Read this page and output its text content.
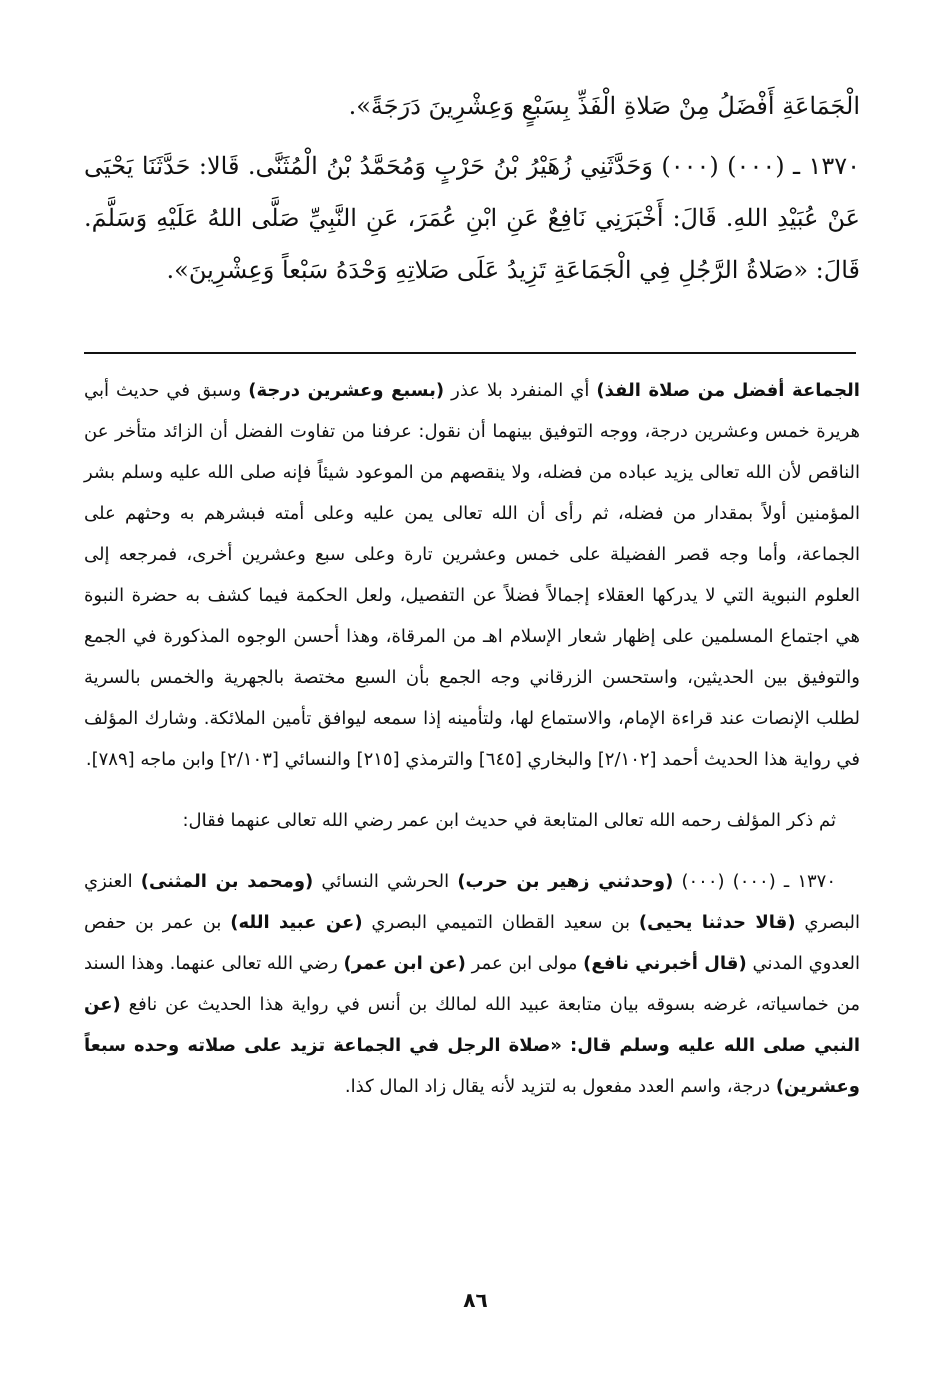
الْجَمَاعَةِ أَفْضَلُ مِنْ صَلاةِ الْفَذِّ بِسَبْعٍ وَعِشْرِينَ دَرَجَةً».

١٣٧٠ ـ (٠٠٠) (٠٠٠) وَحَدَّثَنِي زُهَيْرُ بْنُ حَرْبٍ وَمُحَمَّدُ بْنُ الْمُثَنَّى. قَالا: حَدَّثَنَا يَحْيَى عَنْ عُبَيْدِ اللهِ. قَالَ: أَخْبَرَنِي نَافِعٌ عَنِ ابْنِ عُمَرَ، عَنِ النَّبِيِّ صَلَّى اللهُ عَلَيْهِ وَسَلَّمَ. قَالَ: «صَلاةُ الرَّجُلِ فِي الْجَمَاعَةِ تَزِيدُ عَلَى صَلاتِهِ وَحْدَهُ سَبْعاً وَعِشْرِينَ».

الجماعة أفضل من صلاة الفذ) أي المنفرد بلا عذر (بسبع وعشرين درجة) وسبق في حديث أبي هريرة خمس وعشرين درجة، ووجه التوفيق بينهما أن نقول: عرفنا من تفاوت الفضل أن الزائد متأخر عن الناقص لأن الله تعالى يزيد عباده من فضله، ولا ينقصهم من الموعود شيئاً فإنه صلى الله عليه وسلم بشر المؤمنين أولاً بمقدار من فضله، ثم رأى أن الله تعالى يمن عليه وعلى أمته فبشرهم به وحثهم على الجماعة، وأما وجه قصر الفضيلة على خمس وعشرين تارة وعلى سبع وعشرين أخرى، فمرجعه إلى العلوم النبوية التي لا يدركها العقلاء إجمالاً فضلاً عن التفصيل، ولعل الحكمة فيما كشف به حضرة النبوة هي اجتماع المسلمين على إظهار شعار الإسلام اهـ من المرقاة، وهذا أحسن الوجوه المذكورة في الجمع والتوفيق بين الحديثين، واستحسن الزرقاني وجه الجمع بأن السبع مختصة بالجهرية والخمس بالسرية لطلب الإنصات عند قراءة الإمام، والاستماع لها، ولتأمينه إذا سمعه ليوافق تأمين الملائكة. وشارك المؤلف في رواية هذا الحديث أحمد [٢/١٠٢] والبخاري [٦٤٥] والترمذي [٢١٥] والنسائي [٢/١٠٣] وابن ماجه [٧٨٩].

ثم ذكر المؤلف رحمه الله تعالى المتابعة في حديث ابن عمر رضي الله تعالى عنهما فقال:

١٣٧٠ ـ (٠٠٠) (٠٠٠) (وحدثني زهير بن حرب) الحرشي النسائي (ومحمد بن المثنى) العنزي البصري (قالا حدثنا يحيى) بن سعيد القطان التميمي البصري (عن عبيد الله) بن عمر بن حفص العدوي المدني (قال أخبرني نافع) مولى ابن عمر (عن ابن عمر) رضي الله تعالى عنهما. وهذا السند من خماسياته، غرضه بسوقه بيان متابعة عبيد الله لمالك بن أنس في رواية هذا الحديث عن نافع (عن النبي صلى الله عليه وسلم قال: «صلاة الرجل في الجماعة تزيد على صلاته وحده سبعاً وعشرين) درجة، واسم العدد مفعول به لتزيد لأنه يقال زاد المال كذا.

٨٦
